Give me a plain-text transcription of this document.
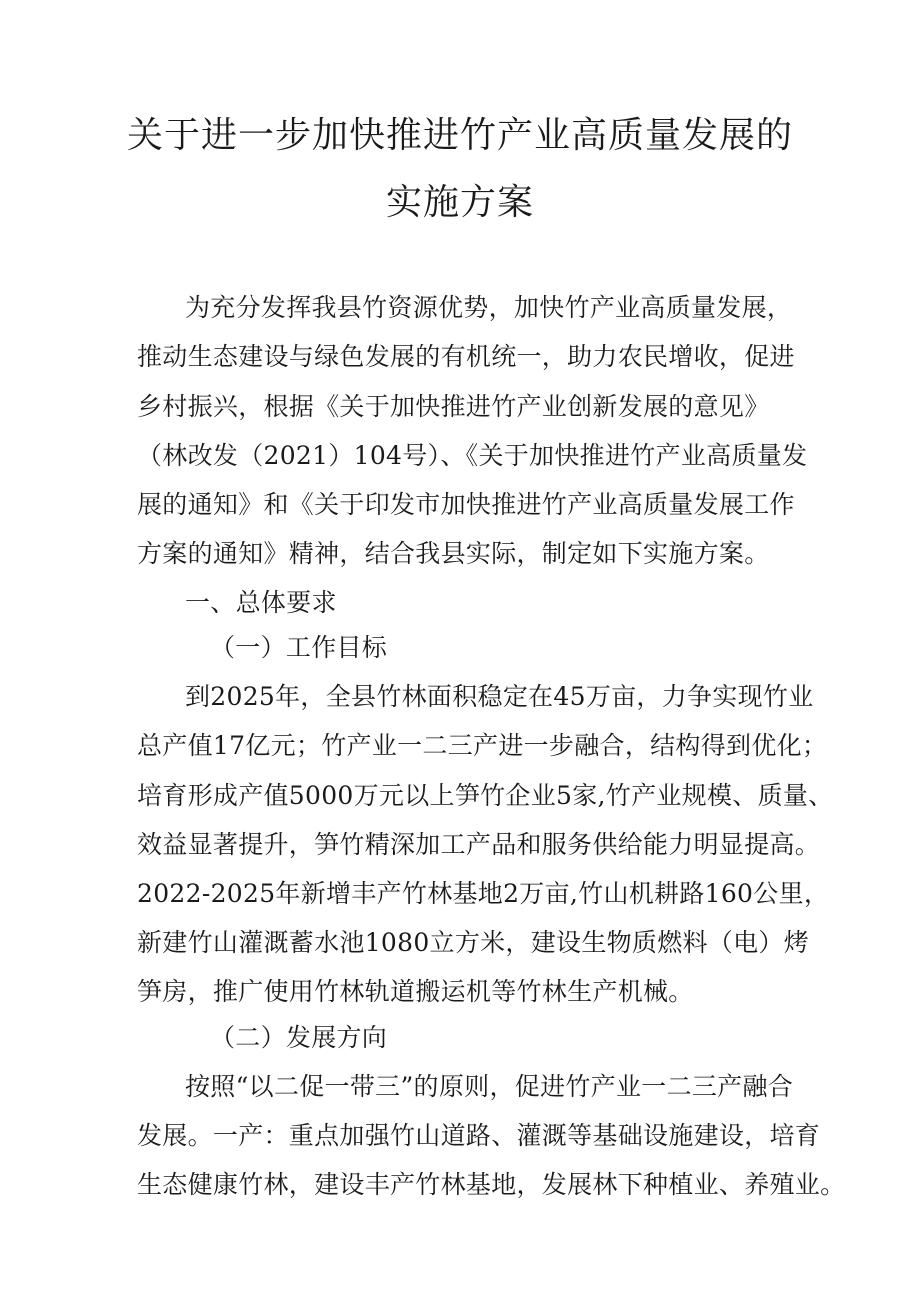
关于进一步加快推进竹产业高质量发展的
实施方案
为充分发挥我县竹资源优势，加快竹产业高质量发展，
推动生态建设与绿色发展的有机统一，助力农民增收，促进
乡村振兴，根据《关于加快推进竹产业创新发展的意见》
（林改发（2021）104号）、《关于加快推进竹产业高质量发
展的通知》和《关于印发市加快推进竹产业高质量发展工作
方案的通知》精神，结合我县实际，制定如下实施方案。
一、总体要求
（一）工作目标
到2025年，全县竹林面积稳定在45万亩，力争实现竹业
总产值17亿元；竹产业一二三产进一步融合，结构得到优化；
培育形成产值5000万元以上笋竹企业5家,竹产业规模、质量、
效益显著提升，笋竹精深加工产品和服务供给能力明显提高。
2022-2025年新增丰产竹林基地2万亩,竹山机耕路160公里，
新建竹山灌溉蓄水池1080立方米，建设生物质燃料（电）烤
笋房，推广使用竹林轨道搬运机等竹林生产机械。
（二）发展方向
按照“以二促一带三”的原则，促进竹产业一二三产融合
发展。一产：重点加强竹山道路、灌溉等基础设施建设，培育
生态健康竹林，建设丰产竹林基地，发展林下种植业、养殖业。
